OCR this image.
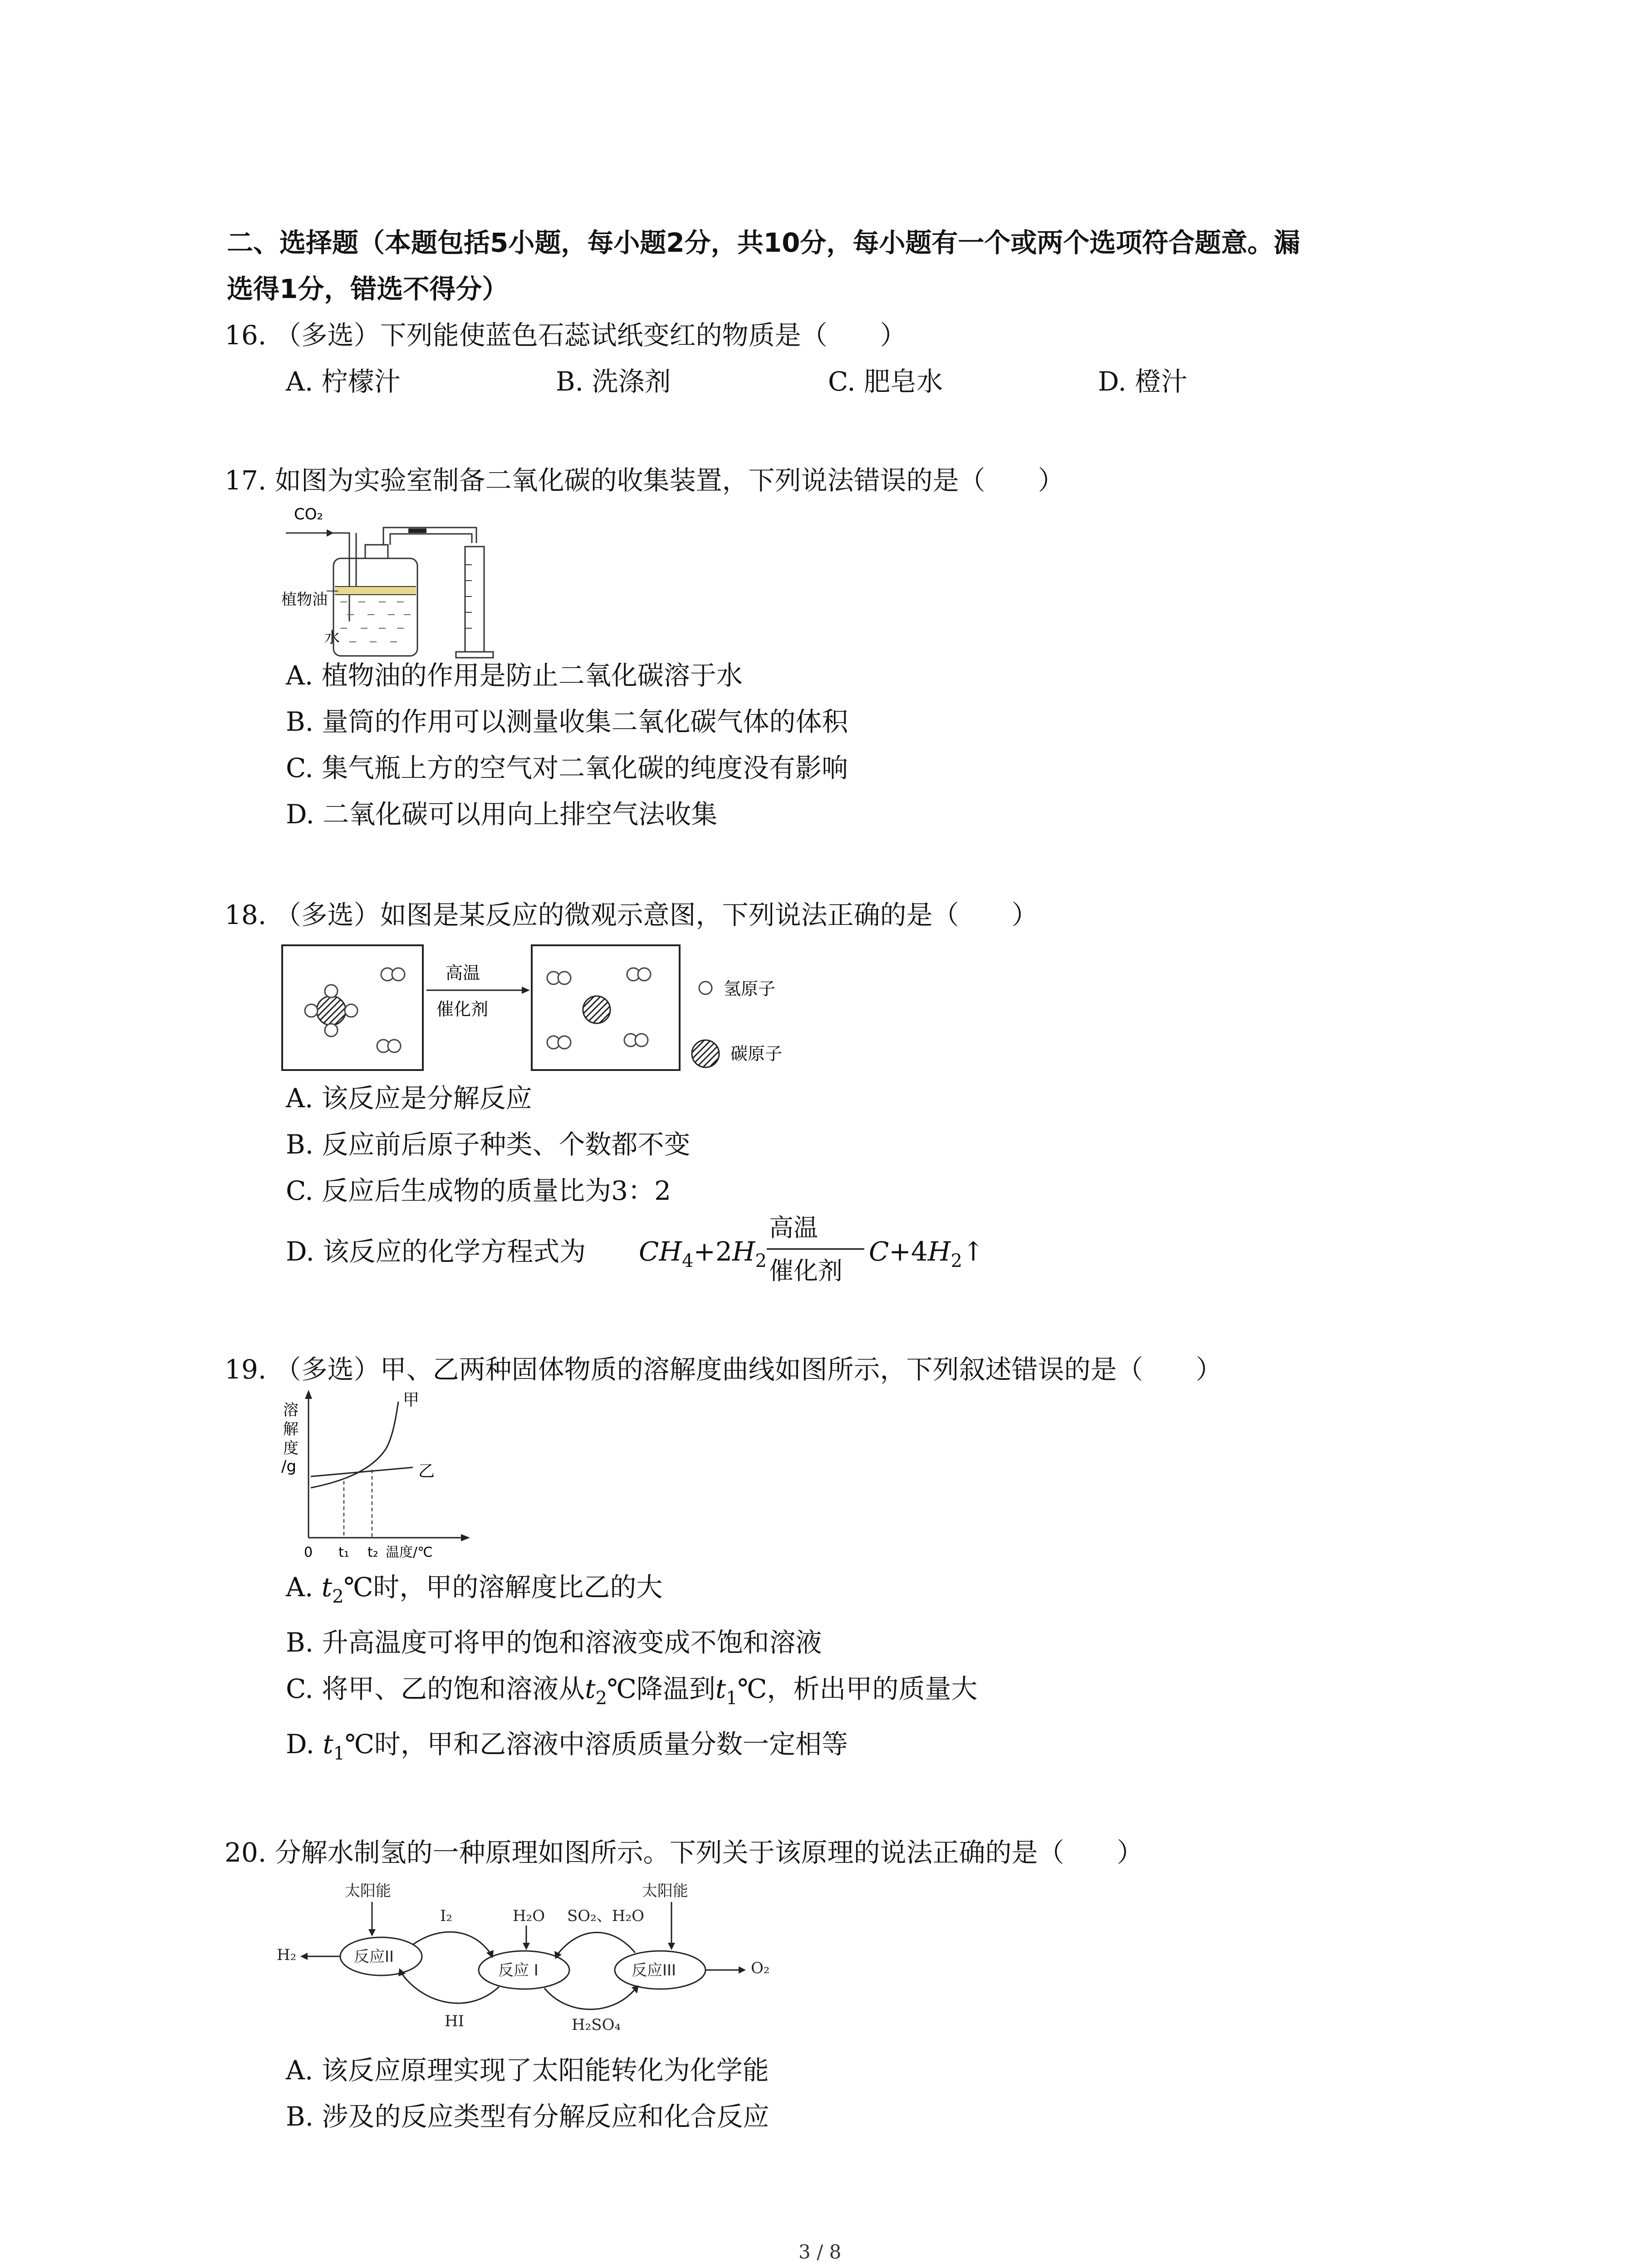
二、选择题（本题包括5小题，每小题2分，共10分，每小题有一个或两个选项符合题意。漏
选得1分，错选不得分）
16. （多选）下列能使蓝色石蕊试纸变红的物质是（　　）
A. 柠檬汁	B. 洗涤剂	C. 肥皂水	D. 橙汁
17. 如图为实验室制备二氧化碳的收集装置，下列说法错误的是（　　）
CO₂
植物油
水
A. 植物油的作用是防止二氧化碳溶于水
B. 量筒的作用可以测量收集二氧化碳气体的体积
C. 集气瓶上方的空气对二氧化碳的纯度没有影响
D. 二氧化碳可以用向上排空气法收集
18. （多选）如图是某反应的微观示意图，下列说法正确的是（　　）
高温
催化剂
氢原子
碳原子
A. 该反应是分解反应
B. 反应前后原子种类、个数都不变
C. 反应后生成物的质量比为3：2
D. 该反应的化学方程式为 $CH_4+2H_2$
高温
催化剂
$C+4H_2↑$
19. （多选）甲、乙两种固体物质的溶解度曲线如图所示，下列叙述错误的是（　　）
溶
解
度
/g
甲
乙
0 t₁ t₂ 温度/℃
A. $t_2℃$时，甲的溶解度比乙的大
B. 升高温度可将甲的饱和溶液变成不饱和溶液
C. 将甲、乙的饱和溶液从$t_2℃$降温到$t_1℃$，析出甲的质量大
D. $t_1℃$时，甲和乙溶液中溶质质量分数一定相等
20. 分解水制氢的一种原理如图所示。下列关于该原理的说法正确的是（　　）
太阳能	太阳能
I₂	H₂O SO₂、H₂O
H₂
O₂
HI	H₂SO₄
反应II
反应 I	反应III
A. 该反应原理实现了太阳能转化为化学能
B. 涉及的反应类型有分解反应和化合反应
3 / 8
